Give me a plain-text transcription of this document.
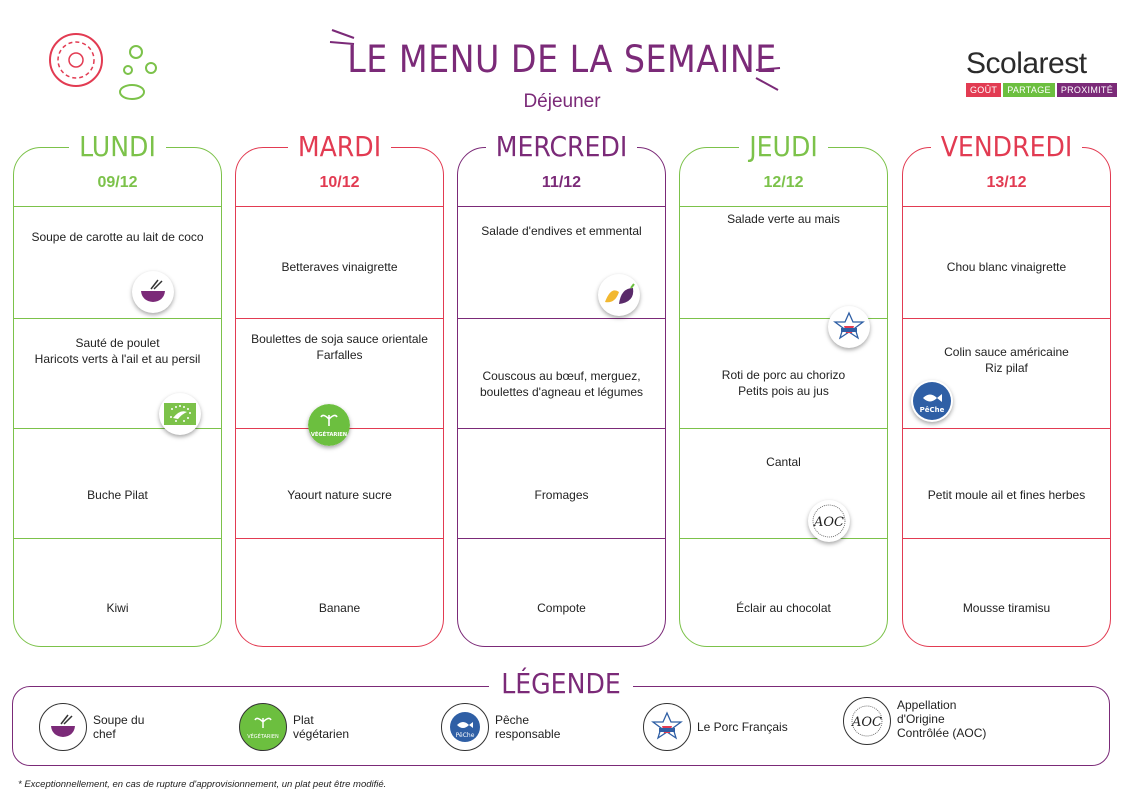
LE MENU DE LA SEMAINE
Déjeuner
Scolarest
GOÛT	PARTAGE	PROXIMITÉ
LUNDI
09/12
Soupe de carotte au lait de coco
Sauté de poulet
Haricots verts à l'ail et au persil
Buche Pilat
Kiwi
MARDI
10/12
Betteraves vinaigrette
Boulettes de soja sauce orientale
Farfalles
Yaourt nature sucre
Banane
VÉGÉTARIEN
MERCREDI
11/12
Salade d'endives et emmental
Couscous au bœuf, merguez,
boulettes d'agneau et légumes
Fromages
Compote
JEUDI
12/12
Salade verte au mais
Roti de porc au chorizo
Petits pois au jus
Cantal
Éclair au chocolat
AOC
VENDREDI
13/12
Chou blanc vinaigrette
Colin sauce américaine
Riz pilaf
Petit moule ail et fines herbes
Mousse tiramisu
PêChe
LÉGENDE
Soupe du
chef	VÉGÉTARIEN
Plat
végétarien	PêChe
Pêche
responsable	Le Porc Français	AOC
Appellation
d'Origine
Contrôlée (AOC)
* Exceptionnellement, en cas de rupture d'approvisionnement, un plat peut être modifié.
